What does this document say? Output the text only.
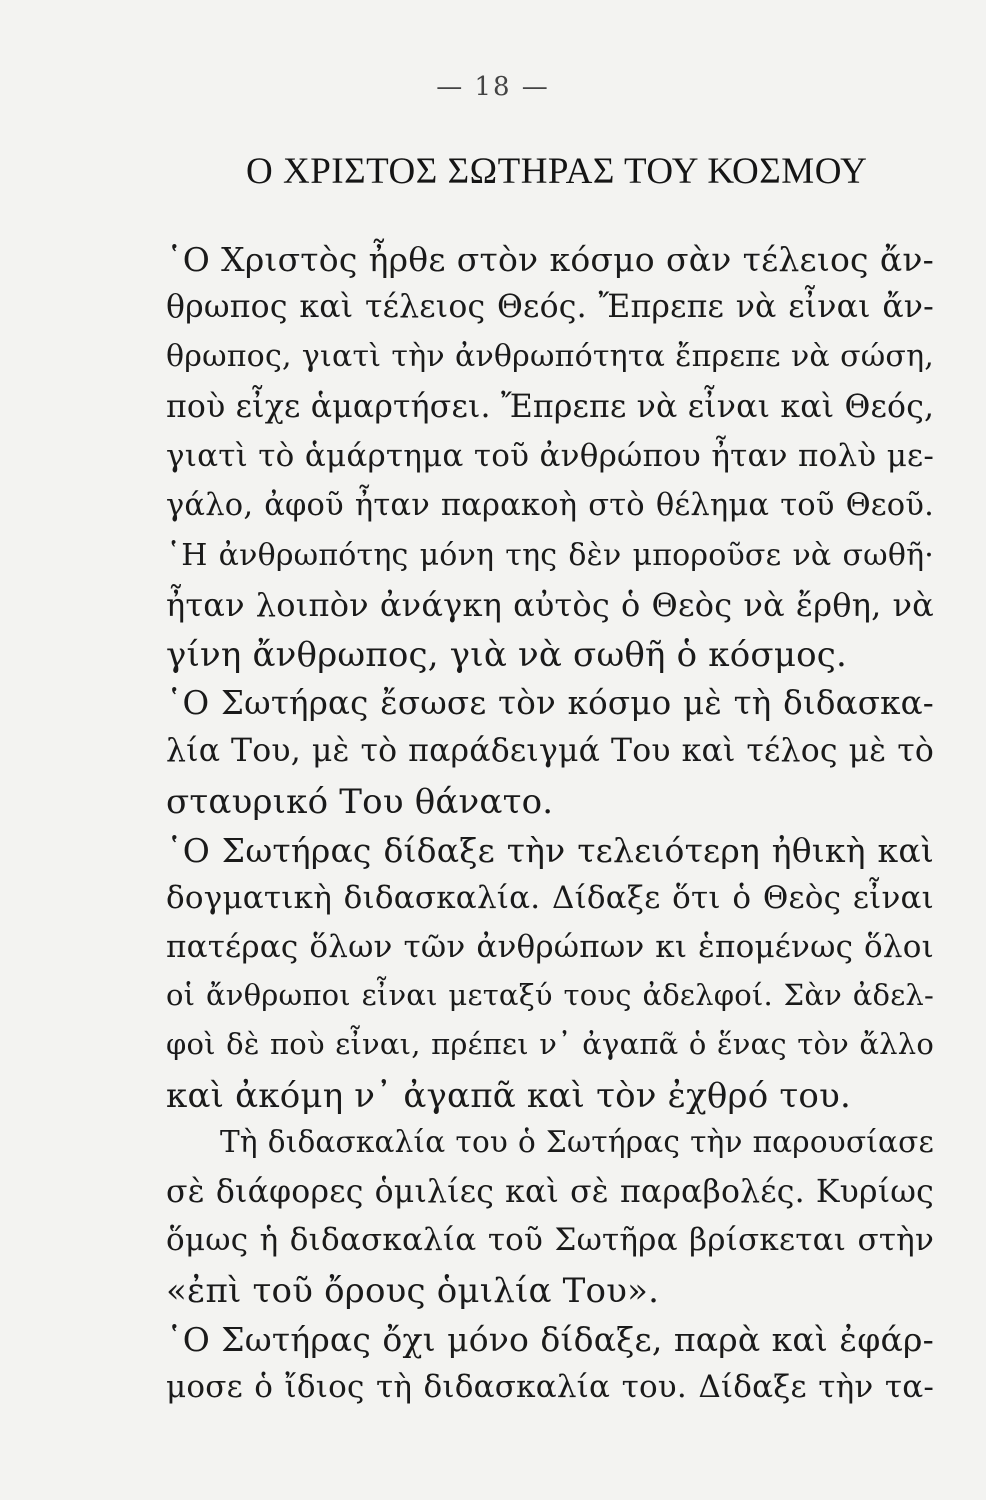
— 18 —
Ο ΧΡΙΣΤΟΣ ΣΩΤΗΡΑΣ ΤΟΥ ΚΟΣΜΟΥ
῾Ο Χριστὸς ἦρθε στὸν κόσμο σὰν τέλειος ἄν-
θρωπος καὶ τέλειος Θεός. Ἔπρεπε νὰ εἶναι ἄν-
θρωπος, γιατὶ τὴν ἀνθρωπότητα ἔπρεπε νὰ σώση,
ποὺ εἶχε ἁμαρτήσει. Ἔπρεπε νὰ εἶναι καὶ Θεός,
γιατὶ τὸ ἁμάρτημα τοῦ ἀνθρώπου ἦταν πολὺ με-
γάλο, ἀφοῦ ἦταν παρακοὴ στὸ θέλημα τοῦ Θεοῦ.
῾Η ἀνθρωπότης μόνη της δὲν μποροῦσε νὰ σωθῆ·
ἦταν λοιπὸν ἀνάγκη αὐτὸς ὁ Θεὸς νὰ ἔρθη, νὰ
γίνη ἄνθρωπος, γιὰ νὰ σωθῆ ὁ κόσμος.
῾Ο Σωτήρας ἔσωσε τὸν κόσμο μὲ τὴ διδασκα-
λία Του, μὲ τὸ παράδειγμά Του καὶ τέλος μὲ τὸ
σταυρικό Του θάνατο.
῾Ο Σωτήρας δίδαξε τὴν τελειότερη ἠθικὴ καὶ
δογματικὴ διδασκαλία. Δίδαξε ὅτι ὁ Θεὸς εἶναι
πατέρας ὅλων τῶν ἀνθρώπων κι ἑπομένως ὅλοι
οἱ ἄνθρωποι εἶναι μεταξύ τους ἀδελφοί. Σὰν ἀδελ-
φοὶ δὲ ποὺ εἶναι, πρέπει ν᾽ ἀγαπᾶ ὁ ἕνας τὸν ἄλλο
καὶ ἀκόμη ν᾽ ἀγαπᾶ καὶ τὸν ἐχθρό του.
Τὴ διδασκαλία του ὁ Σωτήρας τὴν παρουσίασε
σὲ διάφορες ὁμιλίες καὶ σὲ παραβολές. Κυρίως
ὅμως ἡ διδασκαλία τοῦ Σωτῆρα βρίσκεται στὴν
«ἐπὶ τοῦ ὄρους ὁμιλία Του».
῾Ο Σωτήρας ὄχι μόνο δίδαξε, παρὰ καὶ ἐφάρ-
μοσε ὁ ἴδιος τὴ διδασκαλία του. Δίδαξε τὴν τα-
